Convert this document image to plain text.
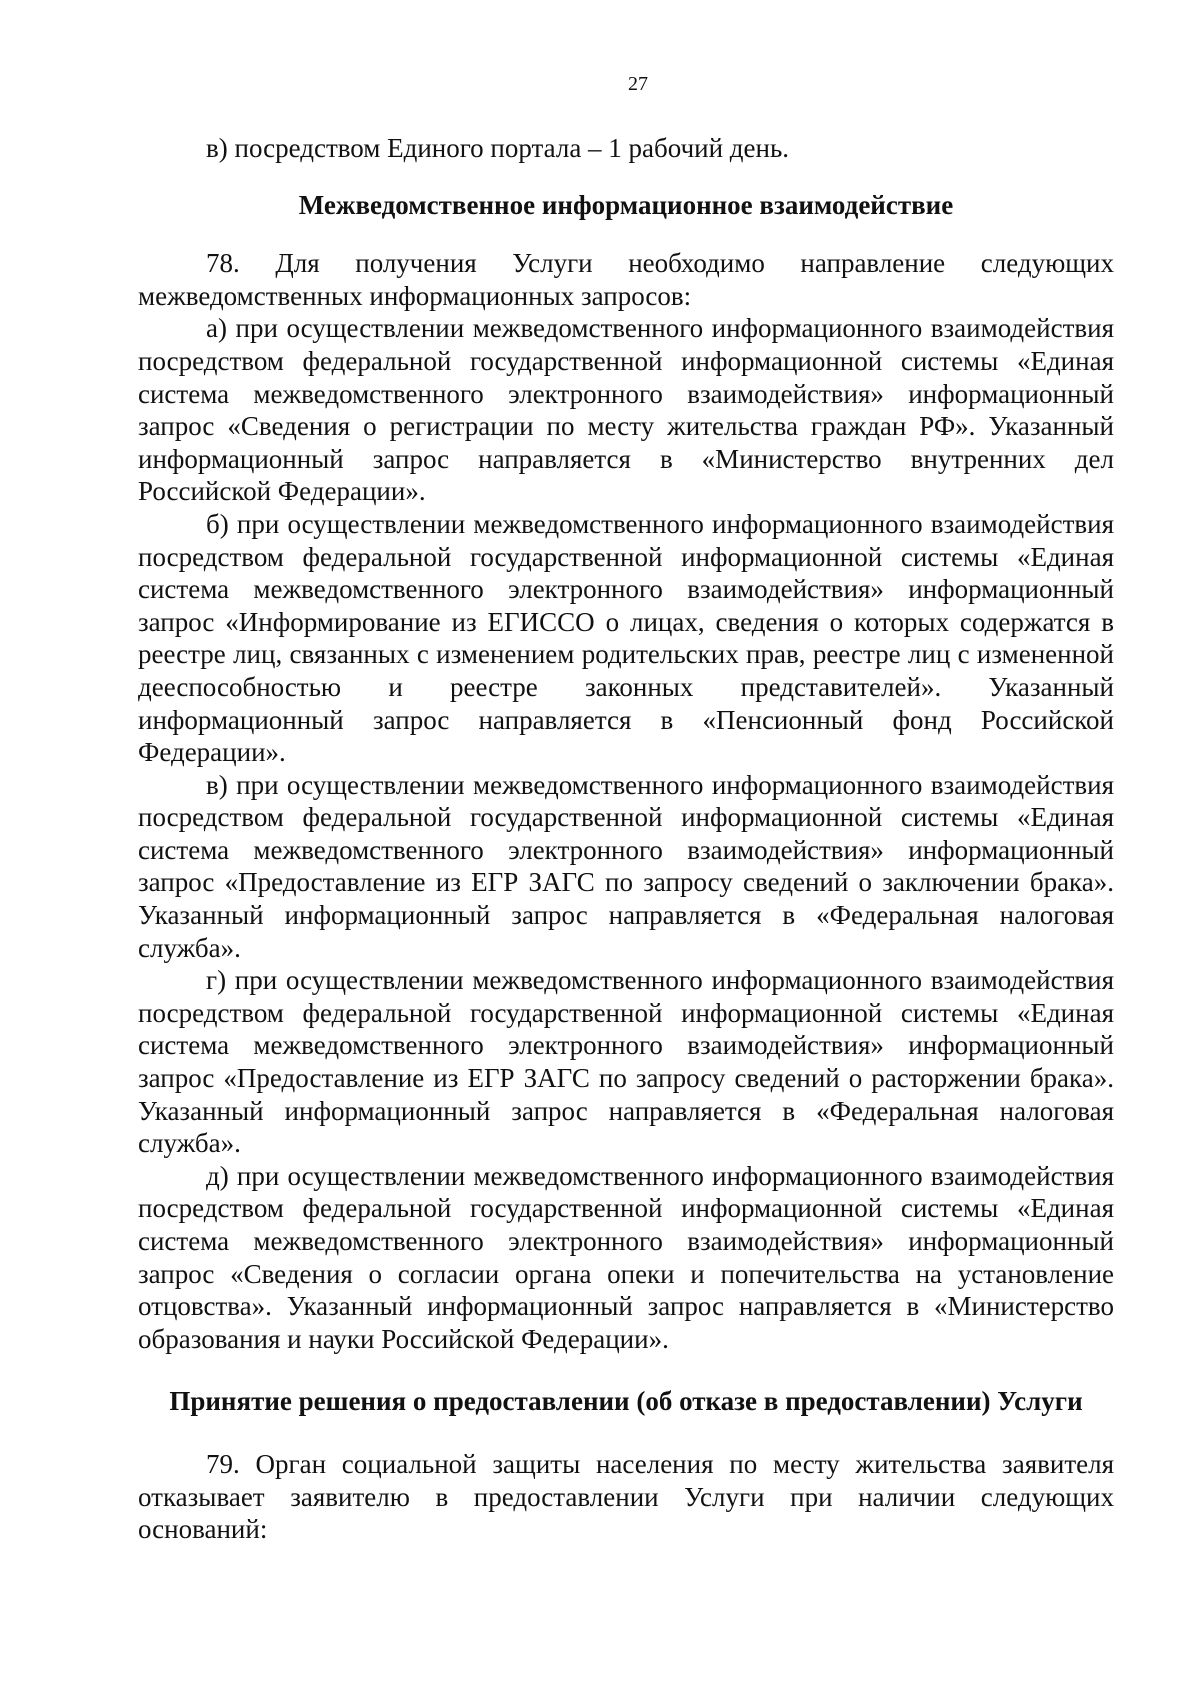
27

в) посредством Единого портала – 1 рабочий день.

Межведомственное информационное взаимодействие

78. Для получения Услуги необходимо направление следующих межведомственных информационных запросов:

а) при осуществлении межведомственного информационного взаимодействия посредством федеральной государственной информационной системы «Единая система межведомственного электронного взаимодействия» информационный запрос «Сведения о регистрации по месту жительства граждан РФ». Указанный информационный запрос направляется в «Министерство внутренних дел Российской Федерации».

б) при осуществлении межведомственного информационного взаимодействия посредством федеральной государственной информационной системы «Единая система межведомственного электронного взаимодействия» информационный запрос «Информирование из ЕГИССО о лицах, сведения о которых содержатся в реестре лиц, связанных с изменением родительских прав, реестре лиц с измененной дееспособностью и реестре законных представителей». Указанный информационный запрос направляется в «Пенсионный фонд Российской Федерации».

в) при осуществлении межведомственного информационного взаимодействия посредством федеральной государственной информационной системы «Единая система межведомственного электронного взаимодействия» информационный запрос «Предоставление из ЕГР ЗАГС по запросу сведений о заключении брака». Указанный информационный запрос направляется в «Федеральная налоговая служба».

г) при осуществлении межведомственного информационного взаимодействия посредством федеральной государственной информационной системы «Единая система межведомственного электронного взаимодействия» информационный запрос «Предоставление из ЕГР ЗАГС по запросу сведений о расторжении брака». Указанный информационный запрос направляется в «Федеральная налоговая служба».

д) при осуществлении межведомственного информационного взаимодействия посредством федеральной государственной информационной системы «Единая система межведомственного электронного взаимодействия» информационный запрос «Сведения о согласии органа опеки и попечительства на установление отцовства». Указанный информационный запрос направляется в «Министерство образования и науки Российской Федерации».

Принятие решения о предоставлении (об отказе в предоставлении) Услуги

79. Орган социальной защиты населения по месту жительства заявителя отказывает заявителю в предоставлении Услуги при наличии следующих оснований:
